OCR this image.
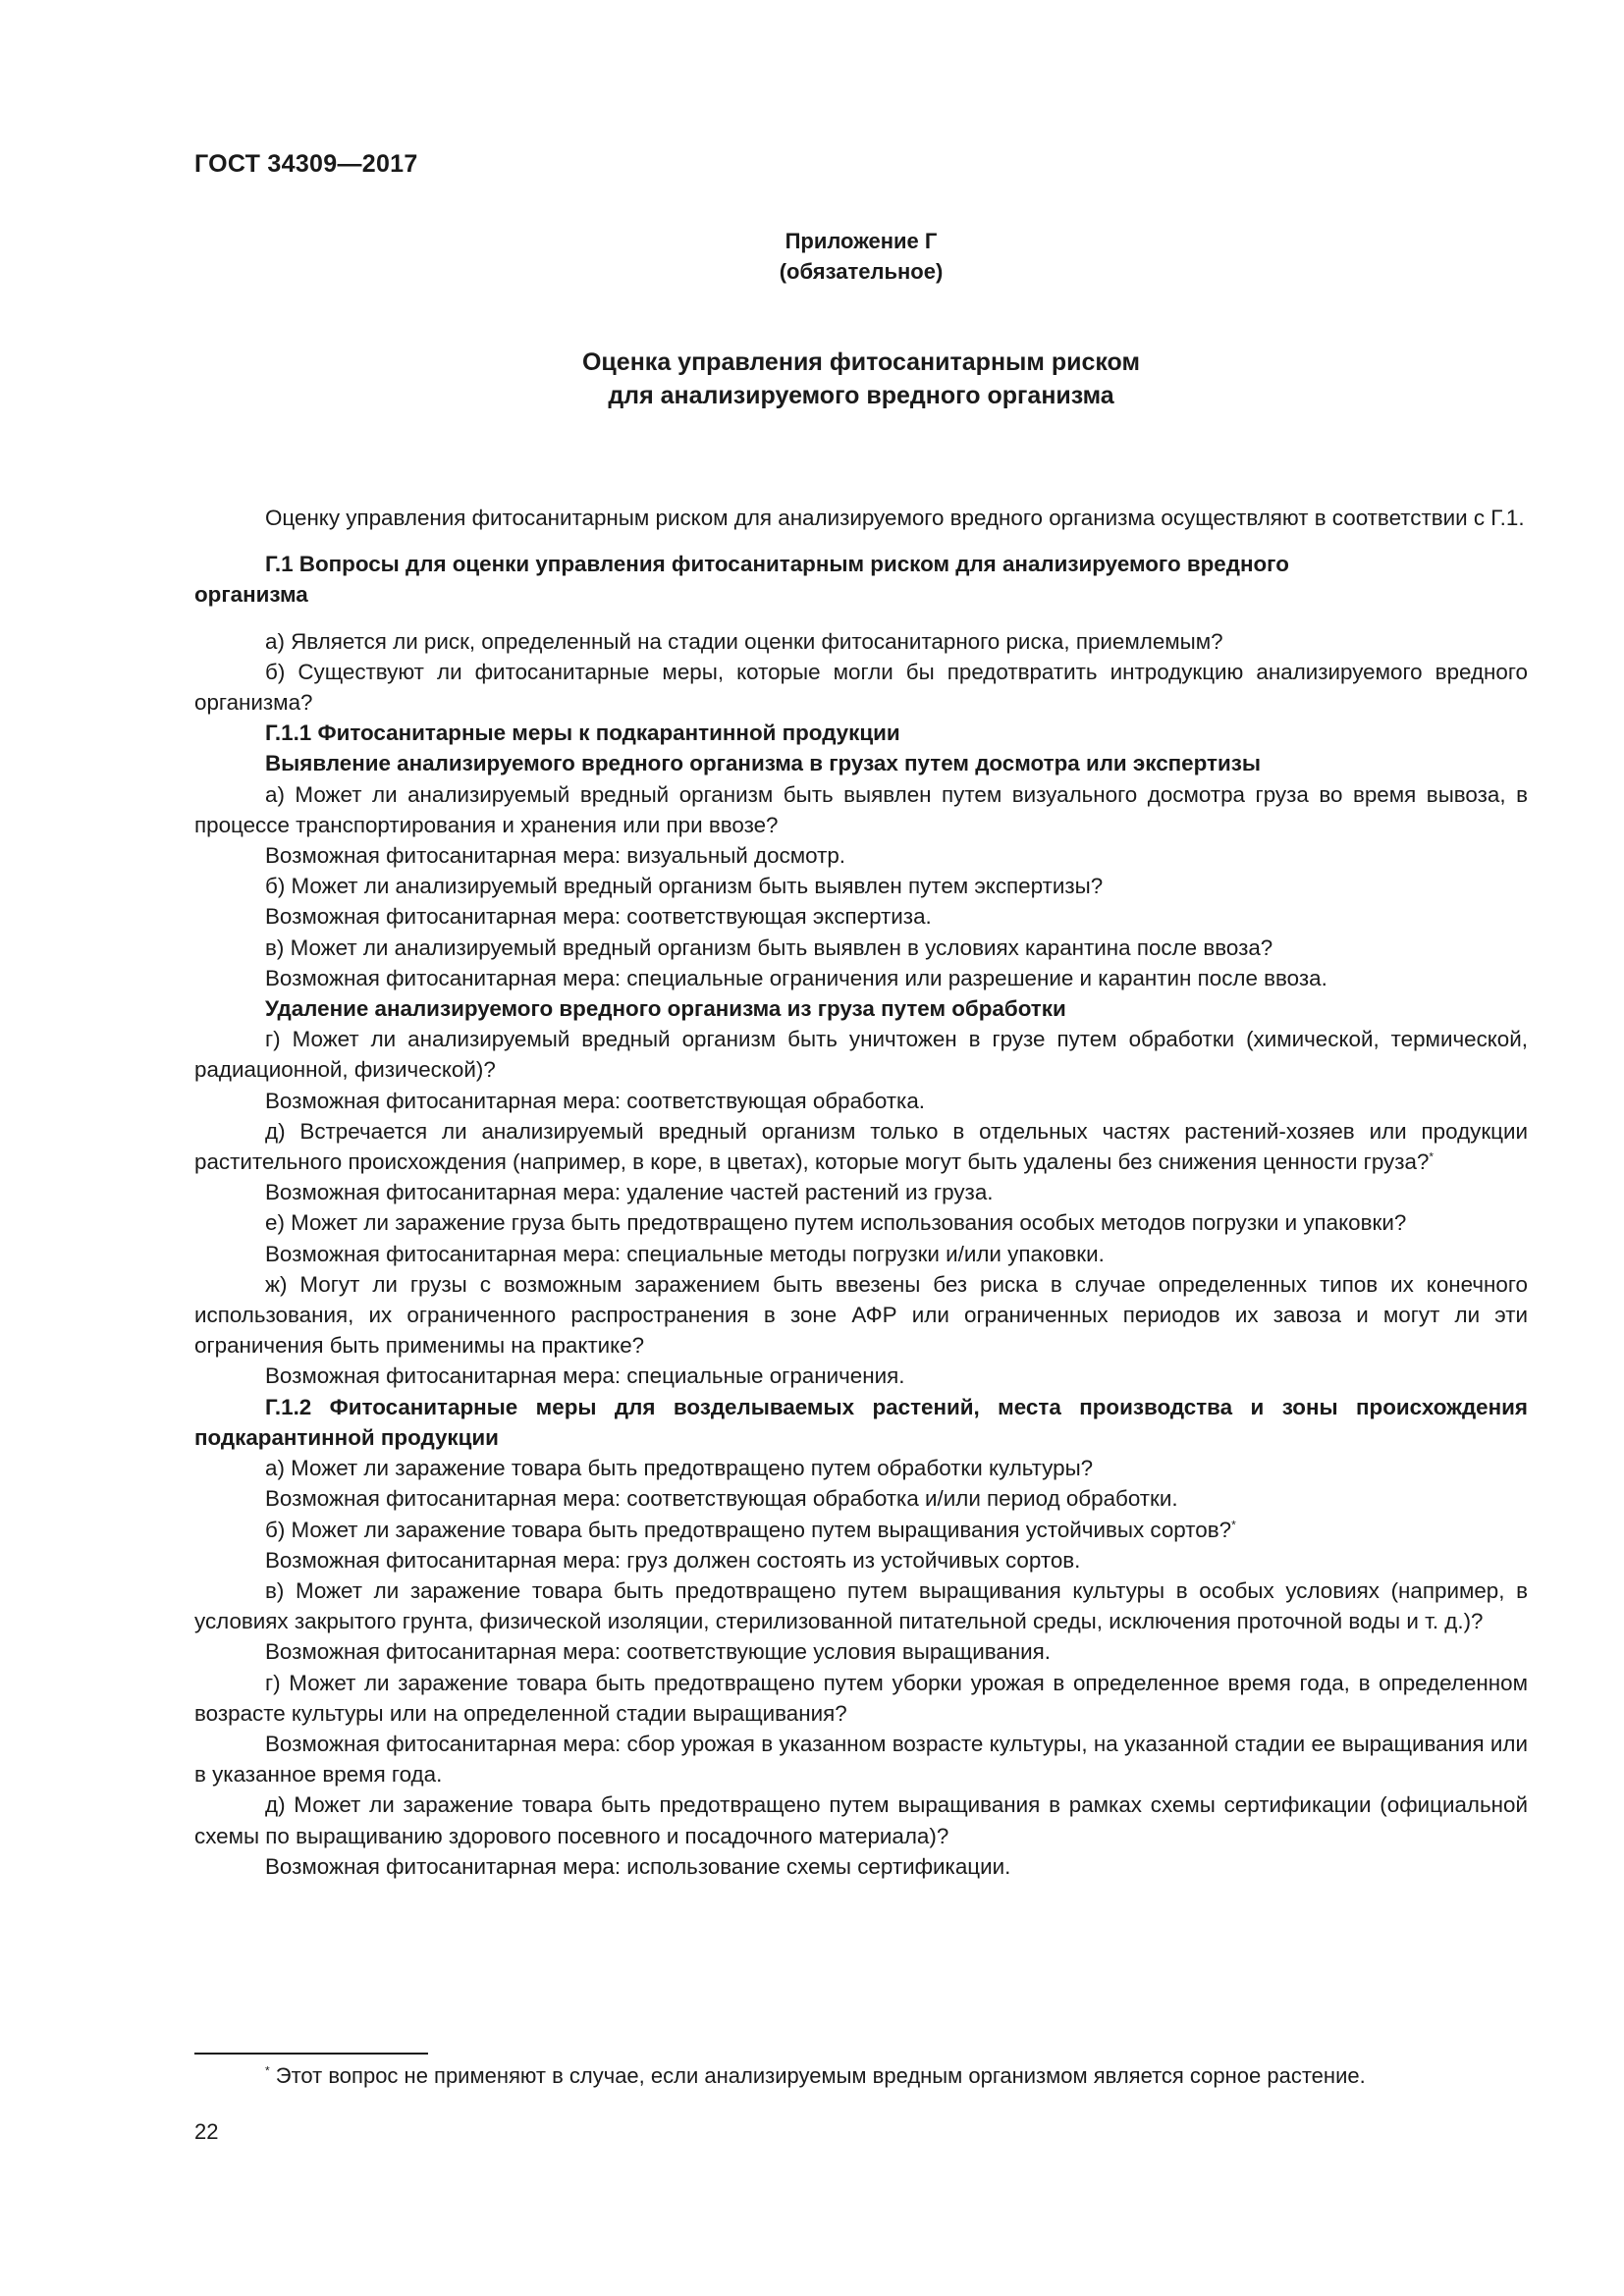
ГОСТ 34309—2017
Приложение Г
(обязательное)
Оценка управления фитосанитарным риском
для анализируемого вредного организма

Оценку управления фитосанитарным риском для анализируемого вредного организма осуществляют в соответствии с Г.1.

Г.1 Вопросы для оценки управления фитосанитарным риском для анализируемого вредного организма

а) Является ли риск, определенный на стадии оценки фитосанитарного риска, приемлемым?

б) Существуют ли фитосанитарные меры, которые могли бы предотвратить интродукцию анализируемого вредного организма?

Г.1.1 Фитосанитарные меры к подкарантинной продукции

Выявление анализируемого вредного организма в грузах путем досмотра или экспертизы

а) Может ли анализируемый вредный организм быть выявлен путем визуального досмотра груза во время вывоза, в процессе транспортирования и хранения или при ввозе?

Возможная фитосанитарная мера: визуальный досмотр.

б) Может ли анализируемый вредный организм быть выявлен путем экспертизы?

Возможная фитосанитарная мера: соответствующая экспертиза.

в) Может ли анализируемый вредный организм быть выявлен в условиях карантина после ввоза?

Возможная фитосанитарная мера: специальные ограничения или разрешение и карантин после ввоза.

Удаление анализируемого вредного организма из груза путем обработки

г) Может ли анализируемый вредный организм быть уничтожен в грузе путем обработки (химической, термической, радиационной, физической)?

Возможная фитосанитарная мера: соответствующая обработка.

д) Встречается ли анализируемый вредный организм только в отдельных частях растений-хозяев или продукции растительного происхождения (например, в коре, в цветах), которые могут быть удалены без снижения ценности груза?*

Возможная фитосанитарная мера: удаление частей растений из груза.

е) Может ли заражение груза быть предотвращено путем использования особых методов погрузки и упаковки?

Возможная фитосанитарная мера: специальные методы погрузки и/или упаковки.

ж) Могут ли грузы с возможным заражением быть ввезены без риска в случае определенных типов их конечного использования, их ограниченного распространения в зоне АФР или ограниченных периодов их завоза и могут ли эти ограничения быть применимы на практике?

Возможная фитосанитарная мера: специальные ограничения.

Г.1.2 Фитосанитарные меры для возделываемых растений, места производства и зоны происхождения подкарантинной продукции

а) Может ли заражение товара быть предотвращено путем обработки культуры?

Возможная фитосанитарная мера: соответствующая обработка и/или период обработки.

б) Может ли заражение товара быть предотвращено путем выращивания устойчивых сортов?*

Возможная фитосанитарная мера: груз должен состоять из устойчивых сортов.

в) Может ли заражение товара быть предотвращено путем выращивания культуры в особых условиях (например, в условиях закрытого грунта, физической изоляции, стерилизованной питательной среды, исключения проточной воды и т. д.)?

Возможная фитосанитарная мера: соответствующие условия выращивания.

г) Может ли заражение товара быть предотвращено путем уборки урожая в определенное время года, в определенном возрасте культуры или на определенной стадии выращивания?

Возможная фитосанитарная мера: сбор урожая в указанном возрасте культуры, на указанной стадии ее выращивания или в указанное время года.

д) Может ли заражение товара быть предотвращено путем выращивания в рамках схемы сертификации (официальной схемы по выращиванию здорового посевного и посадочного материала)?

Возможная фитосанитарная мера: использование схемы сертификации.

* Этот вопрос не применяют в случае, если анализируемым вредным организмом является сорное растение.
22
